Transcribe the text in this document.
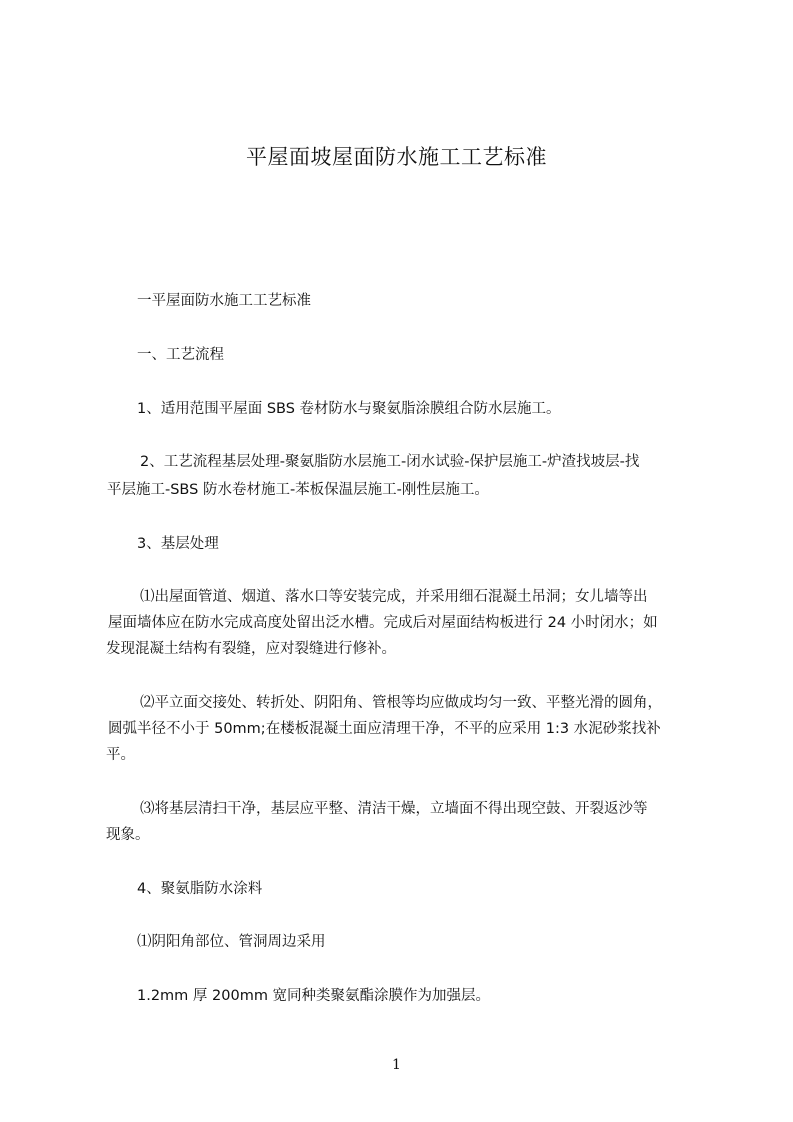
平屋面坡屋面防水施工工艺标准
一平屋面防水施工工艺标准
一、工艺流程
1、适用范围平屋面 SBS 卷材防水与聚氨脂涂膜组合防水层施工。
2、工艺流程基层处理-聚氨脂防水层施工-闭水试验-保护层施工-炉渣找坡层-找
平层施工-SBS 防水卷材施工-苯板保温层施工-刚性层施工。
3、基层处理
⑴出屋面管道、烟道、落水口等安装完成，并采用细石混凝土吊洞；女儿墙等出
屋面墙体应在防水完成高度处留出泛水槽。完成后对屋面结构板进行 24 小时闭水；如
发现混凝土结构有裂缝，应对裂缝进行修补。
⑵平立面交接处、转折处、阴阳角、管根等均应做成均匀一致、平整光滑的圆角，
圆弧半径不小于 50mm;在楼板混凝土面应清理干净，不平的应采用 1:3 水泥砂浆找补
平。
⑶将基层清扫干净，基层应平整、清洁干燥，立墙面不得出现空鼓、开裂返沙等
现象。
4、聚氨脂防水涂料
⑴阴阳角部位、管洞周边采用
1.2mm 厚 200mm 宽同种类聚氨酯涂膜作为加强层。
1
